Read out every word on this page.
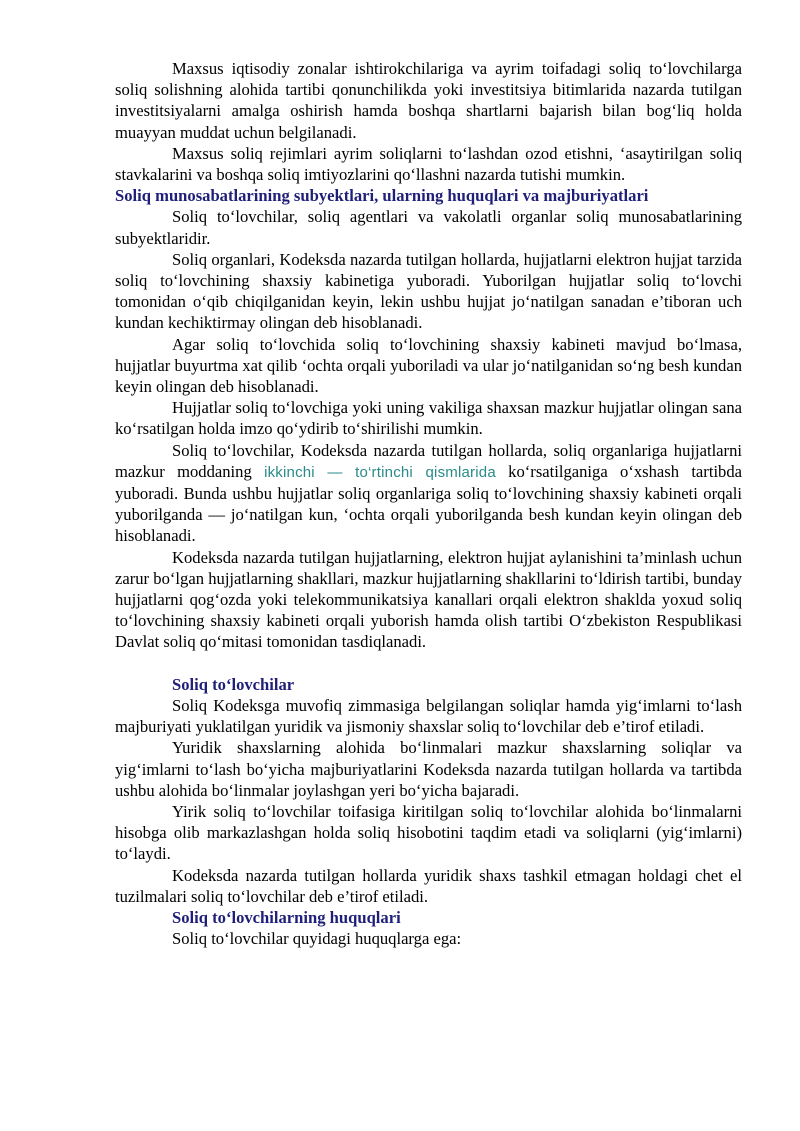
Maxsus iqtisodiy zonalar ishtirokchilariga va ayrim toifadagi soliq to‘lovchilarga soliq solishning alohida tartibi qonunchilikda yoki investitsiya bitimlarida nazarda tutilgan investitsiyalarni amalga oshirish hamda boshqa shartlarni bajarish bilan bog‘liq holda muayyan muddat uchun belgilanadi.

Maxsus soliq rejimlari ayrim soliqlarni to‘lashdan ozod etishni, ‘asaytirilgan soliq stavkalarini va boshqa soliq imtiyozlarini qo‘llashni nazarda tutishi mumkin.

Soliq munosabatlarining subyektlari, ularning huquqlari va majburiyatlari

Soliq to‘lovchilar, soliq agentlari va vakolatli organlar soliq munosabatlarining subyektlaridir.

Soliq organlari, Kodeksda nazarda tutilgan hollarda, hujjatlarni elektron hujjat tarzida soliq to‘lovchining shaxsiy kabinetiga yuboradi. Yuborilgan hujjatlar soliq to‘lovchi tomonidan o‘qib chiqilganidan keyin, lekin ushbu hujjat jo‘natilgan sanadan e’tiboran uch kundan kechiktirmay olingan deb hisoblanadi.

Agar soliq to‘lovchida soliq to‘lovchining shaxsiy kabineti mavjud bo‘lmasa, hujjatlar buyurtma xat qilib ‘ochta orqali yuboriladi va ular jo‘natilganidan so‘ng besh kundan keyin olingan deb hisoblanadi.

Hujjatlar soliq to‘lovchiga yoki uning vakiliga shaxsan mazkur hujjatlar olingan sana ko‘rsatilgan holda imzo qo‘ydirib to‘shirilishi mumkin.

Soliq to‘lovchilar, Kodeksda nazarda tutilgan hollarda, soliq organlariga hujjatlarni mazkur moddaning ikkinchi — to‘rtinchi qismlarida ko‘rsatilganiga o‘xshash tartibda yuboradi. Bunda ushbu hujjatlar soliq organlariga soliq to‘lovchining shaxsiy kabineti orqali yuborilganda — jo‘natilgan kun, ‘ochta orqali yuborilganda besh kundan keyin olingan deb hisoblanadi.

Kodeksda nazarda tutilgan hujjatlarning, elektron hujjat aylanishini ta’minlash uchun zarur bo‘lgan hujjatlarning shakllari, mazkur hujjatlarning shakllarini to‘ldirish tartibi, bunday hujjatlarni qog‘ozda yoki telekommunikatsiya kanallari orqali elektron shaklda yoxud soliq to‘lovchining shaxsiy kabineti orqali yuborish hamda olish tartibi O‘zbekiston Respublikasi Davlat soliq qo‘mitasi tomonidan tasdiqlanadi.

Soliq to‘lovchilar

Soliq Kodeksga muvofiq zimmasiga belgilangan soliqlar hamda yig‘imlarni to‘lash majburiyati yuklatilgan yuridik va jismoniy shaxslar soliq to‘lovchilar deb e’tirof etiladi.

Yuridik shaxslarning alohida bo‘linmalari mazkur shaxslarning soliqlar va yig‘imlarni to‘lash bo‘yicha majburiyatlarini Kodeksda nazarda tutilgan hollarda va tartibda ushbu alohida bo‘linmalar joylashgan yeri bo‘yicha bajaradi.

Yirik soliq to‘lovchilar toifasiga kiritilgan soliq to‘lovchilar alohida bo‘linmalarni hisobga olib markazlashgan holda soliq hisobotini taqdim etadi va soliqlarni (yig‘imlarni) to‘laydi.

Kodeksda nazarda tutilgan hollarda yuridik shaxs tashkil etmagan holdagi chet el tuzilmalari soliq to‘lovchilar deb e’tirof etiladi.

Soliq to‘lovchilarning huquqlari

Soliq to‘lovchilar quyidagi huquqlarga ega:
